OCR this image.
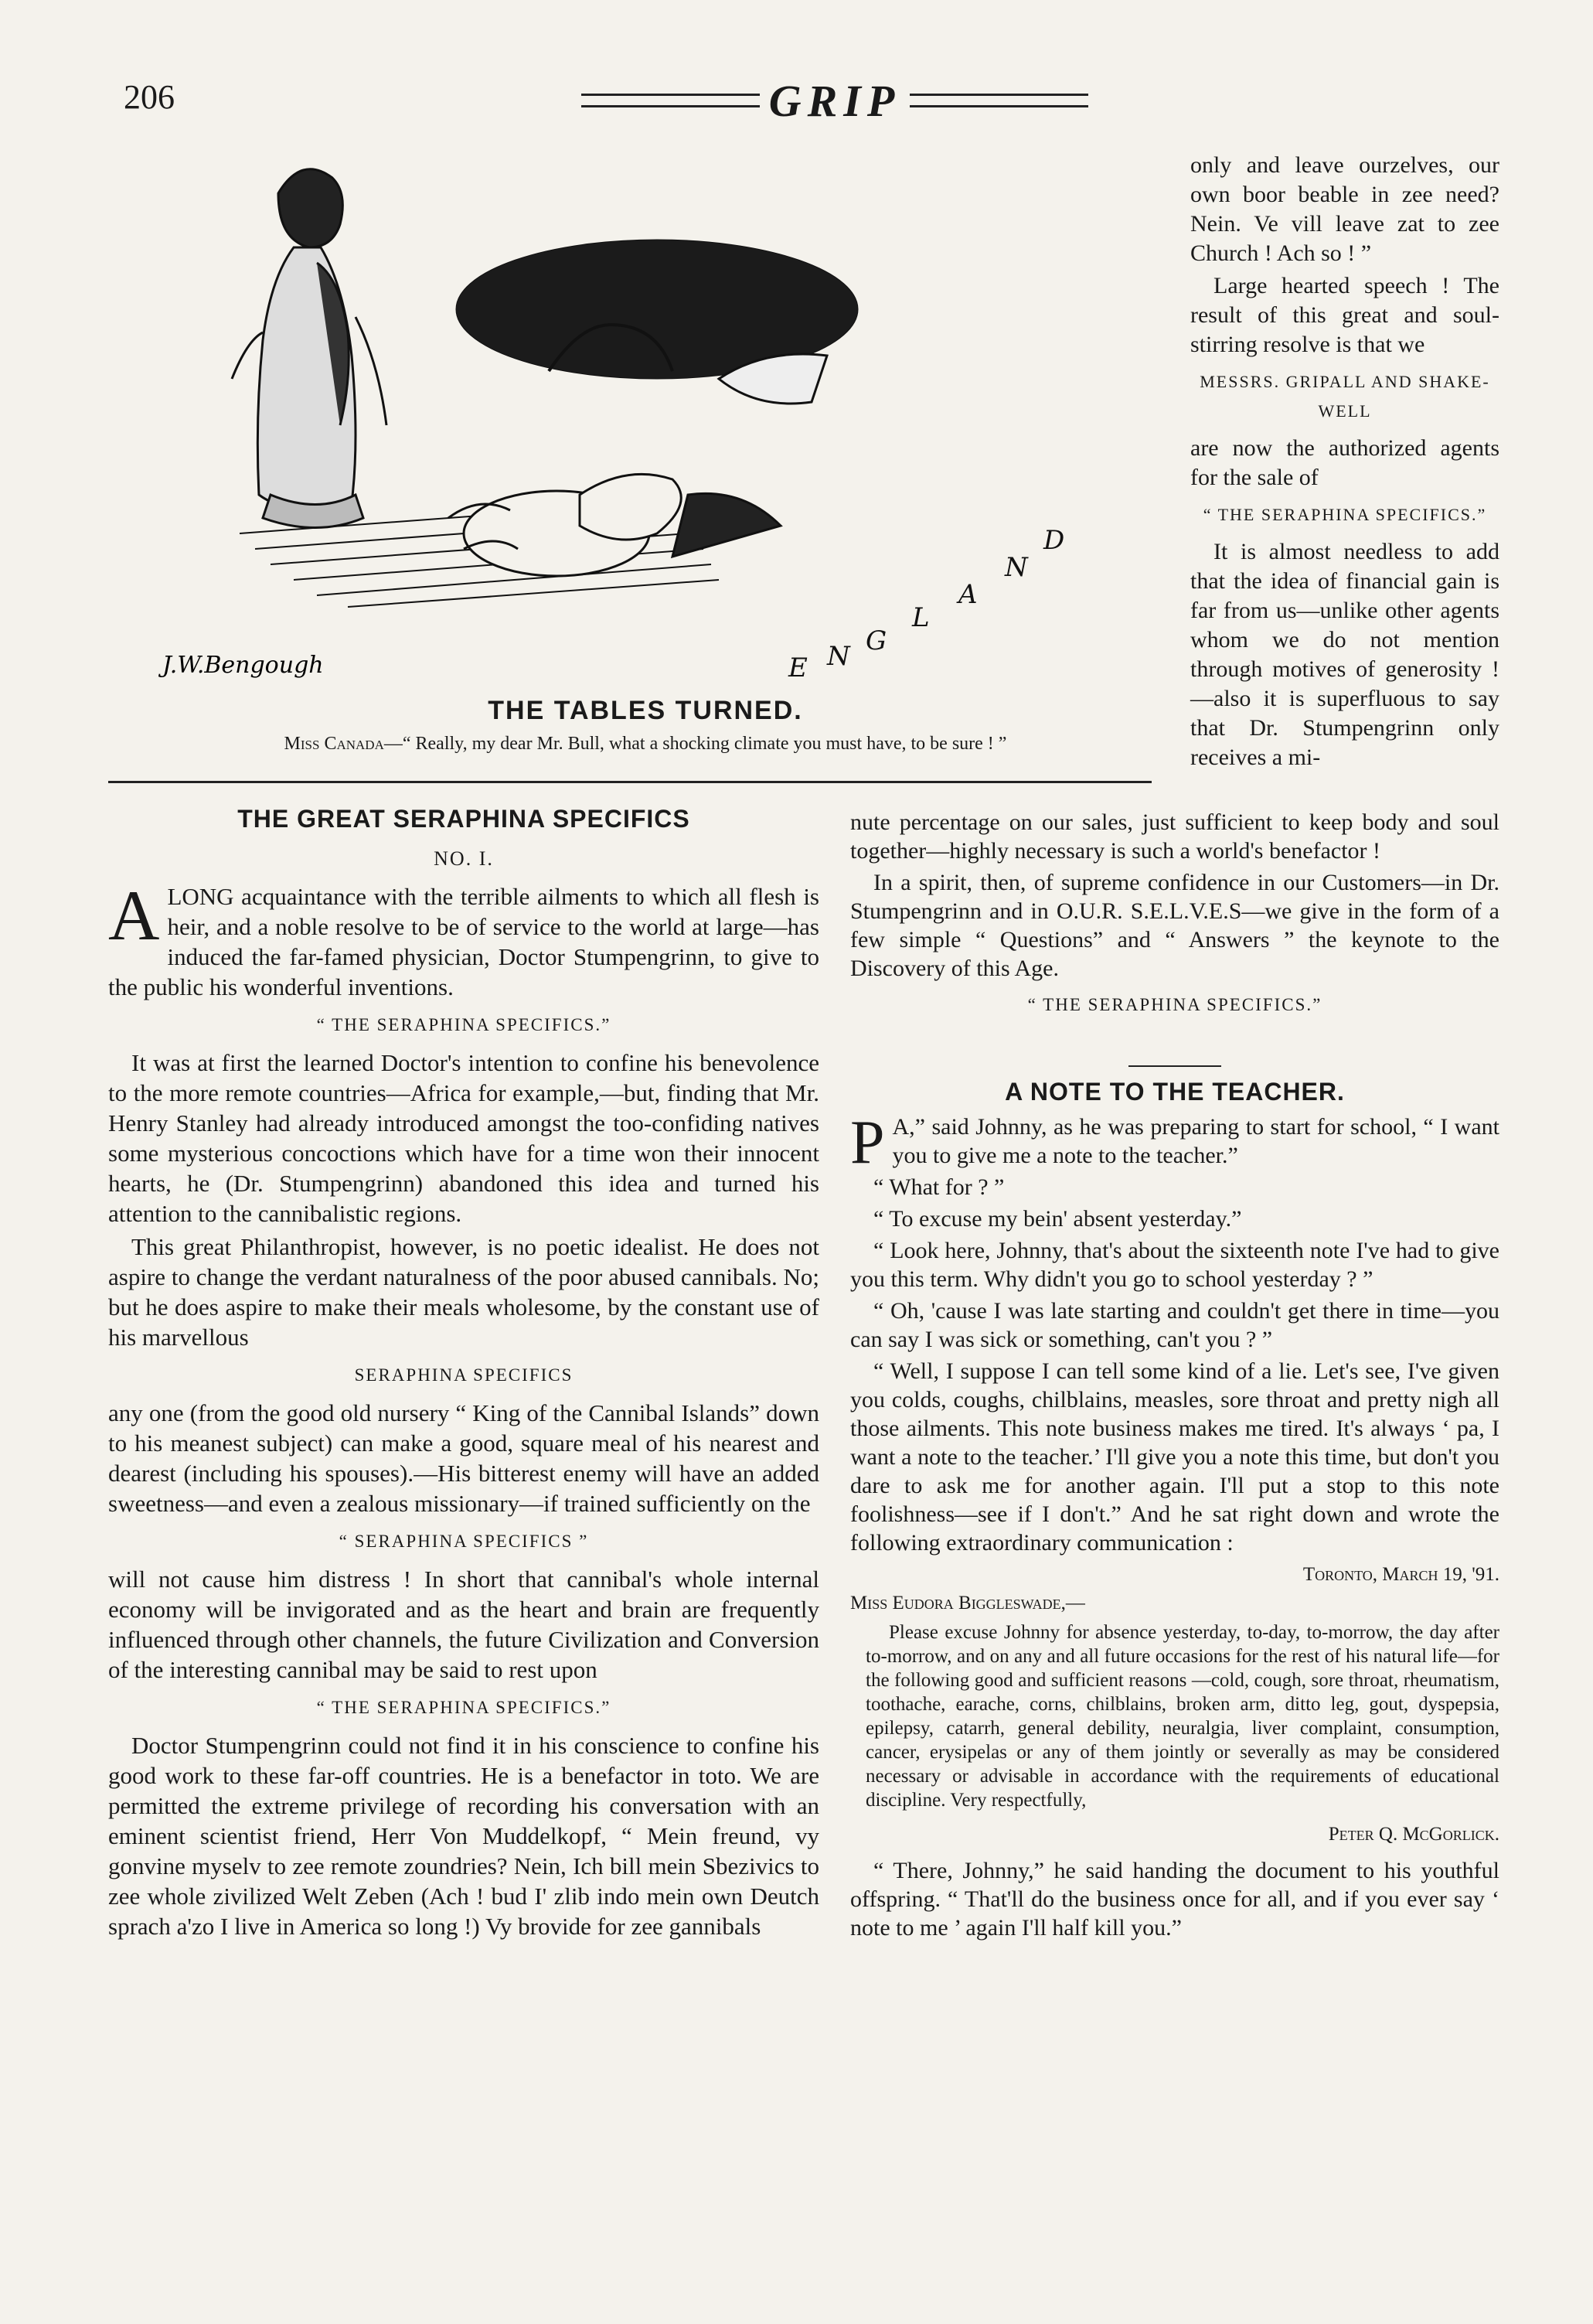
206	GRIP
J.W.Bengough	E N G
L
A
N
D
THE TABLES TURNED.
Miss Canada—“ Really, my dear Mr. Bull, what a shocking climate you must have, to be sure ! ”

only and leave ourzelves, our own boor beable in zee need? Nein. Ve vill leave zat to zee Church ! Ach so ! ”

Large hearted speech ! The result of this great and soul-stirring resolve is that we

MESSRS. GRIPALL AND SHAKE-WELL

are now the authorized agents for the sale of

“ THE SERAPHINA SPECIFICS.”

It is almost needless to add that the idea of financial gain is far from us—unlike other agents whom we do not mention through motives of generosity !—also it is superfluous to say that Dr. Stumpengrinn only receives a mi-

THE GREAT SERAPHINA SPECIFICS
NO. I.

ALONG acquaintance with the terrible ailments to which all flesh is heir, and a noble resolve to be of service to the world at large—has induced the far-famed physician, Doctor Stumpengrinn, to give to the public his wonderful inventions.

“ THE SERAPHINA SPECIFICS.”

It was at first the learned Doctor's intention to confine his benevolence to the more remote countries—Africa for example,—but, finding that Mr. Henry Stanley had already introduced amongst the too-confiding natives some mysterious concoctions which have for a time won their innocent hearts, he (Dr. Stumpengrinn) abandoned this idea and turned his attention to the cannibalistic regions.

This great Philanthropist, however, is no poetic idealist. He does not aspire to change the verdant naturalness of the poor abused cannibals. No; but he does aspire to make their meals wholesome, by the constant use of his marvellous

SERAPHINA SPECIFICS

any one (from the good old nursery “ King of the Cannibal Islands” down to his meanest subject) can make a good, square meal of his nearest and dearest (including his spouses).—His bitterest enemy will have an added sweetness—and even a zealous missionary—if trained sufficiently on the

“ SERAPHINA SPECIFICS ”

will not cause him distress ! In short that cannibal's whole internal economy will be invigorated and as the heart and brain are frequently influenced through other channels, the future Civilization and Conversion of the interesting cannibal may be said to rest upon

“ THE SERAPHINA SPECIFICS.”

Doctor Stumpengrinn could not find it in his conscience to confine his good work to these far-off countries. He is a benefactor in toto. We are permitted the extreme privilege of recording his conversation with an eminent scientist friend, Herr Von Muddelkopf, “ Mein freund, vy gonvine myselv to zee remote zoundries? Nein, Ich bill mein Sbezivics to zee whole zivilized Welt Zeben (Ach ! bud I' zlib indo mein own Deutch sprach a'zo I live in America so long !) Vy brovide for zee gannibals

nute percentage on our sales, just sufficient to keep body and soul together—highly necessary is such a world's benefactor !

In a spirit, then, of supreme confidence in our Customers—in Dr. Stumpengrinn and in O.U.R. S.E.L.V.E.S—we give in the form of a few simple “ Questions” and “ Answers ” the keynote to the Discovery of this Age.

“ THE SERAPHINA SPECIFICS.”
A NOTE TO THE TEACHER.

P A,” said Johnny, as he was preparing to start for school, “ I want you to give me a note to the teacher.”

“ What for ? ”

“ To excuse my bein' absent yesterday.”

“ Look here, Johnny, that's about the sixteenth note I've had to give you this term. Why didn't you go to school yesterday ? ”

“ Oh, 'cause I was late starting and couldn't get there in time—you can say I was sick or something, can't you ? ”

“ Well, I suppose I can tell some kind of a lie. Let's see, I've given you colds, coughs, chilblains, measles, sore throat and pretty nigh all those ailments. This note business makes me tired. It's always ‘ pa, I want a note to the teacher.’ I'll give you a note this time, but don't you dare to ask me for another again. I'll put a stop to this note foolishness—see if I don't.” And he sat right down and wrote the following extraordinary communication :

Toronto, March 19, '91.
Miss Eudora Biggleswade,—

Please excuse Johnny for absence yesterday, to-day, to-morrow, the day after to-morrow, and on any and all future occasions for the rest of his natural life—for the following good and sufficient reasons —cold, cough, sore throat, rheumatism, toothache, earache, corns, chilblains, broken arm, ditto leg, gout, dyspepsia, epilepsy, catarrh, general debility, neuralgia, liver complaint, consumption, cancer, erysipelas or any of them jointly or severally as may be considered necessary or advisable in accordance with the requirements of educational discipline. Very respectfully,

Peter Q. McGorlick.

“ There, Johnny,” he said handing the document to his youthful offspring. “ That'll do the business once for all, and if you ever say ‘ note to me ’ again I'll half kill you.”
